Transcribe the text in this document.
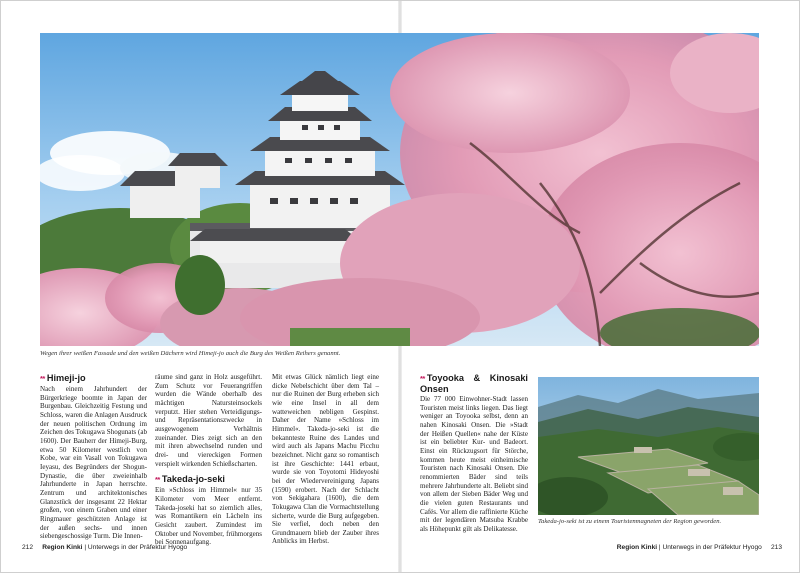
Wegen ihrer weißen Fassade und den weißen Dächern wird Himeji-jo auch die Burg des Weißen Reihers genannt.
** Himeji-jo

Nach einem Jahrhundert der Bürgerkriege boomte in Japan der Burgenbau. Gleichzeitig Festung und Schloss, waren die Anlagen Ausdruck der neuen politischen Ordnung im Zeichen des Tokugawa Shogunats (ab 1600). Der Bauherr der Himeji-Burg, etwa 50 Kilometer westlich von Kobe, war ein Vasall von Tokugawa Ieyasu, des Begründers der Shogun-Dynastie, die über zweieinhalb Jahrhunderte in Japan herrschte. Zentrum und architektonisches Glanzstück der insgesamt 22 Hektar großen, von einem Graben und einer Ringmauer geschützten Anlage ist der außen sechs- und innen siebengeschossige Turm. Die Innen-

räume sind ganz in Holz ausgeführt. Zum Schutz vor Feuerangriffen wurden die Wände oberhalb des mächtigen Natursteinsockels verputzt. Hier stehen Verteidigungs- und Repräsentationszwecke in ausgewogenem Verhältnis zueinander. Dies zeigt sich an den mit ihren abwechselnd runden und drei- und viereckigen Formen verspielt wirkenden Schießscharten.

** Takeda-jo-seki

Ein »Schloss im Himmel« nur 35 Kilometer vom Meer entfernt. Takeda-joseki hat so ziemlich alles, was Romantikern ein Lächeln ins Gesicht zaubert. Zumindest im Oktober und November, frühmorgens bei Sonnenaufgang.

Mit etwas Glück nämlich liegt eine dicke Nebelschicht über dem Tal – nur die Ruinen der Burg erheben sich wie eine Insel in all dem watteweichen nebligen Gespinst. Daher der Name »Schloss im Himmel«. Takeda-jo-seki ist die bekannteste Ruine des Landes und wird auch als Japans Machu Picchu bezeichnet. Nicht ganz so romantisch ist ihre Geschichte: 1441 erbaut, wurde sie von Toyotomi Hideyoshi bei der Wiedervereinigung Japans (1590) erobert. Nach der Schlacht von Sekigahara (1600), die dem Tokugawa Clan die Vormachtstellung sicherte, wurde die Burg aufgegeben. Sie verfiel, doch neben den Grundmauern blieb der Zauber ihres Anblicks im Herbst.

** Toyooka & Kinosaki Onsen

Die 77 000 Einwohner-Stadt lassen Touristen meist links liegen. Das liegt weniger an Toyooka selbst, denn an nahen Kinosaki Onsen. Die »Stadt der Heißen Quellen« nahe der Küste ist ein beliebter Kur- und Badeort. Einst ein Rückzugsort für Störche, kommen heute meist einheimische Touristen nach Kinosaki Onsen. Die renommierten Bäder sind teils mehrere Jahrhunderte alt. Beliebt sind von allem der Sieben Bäder Weg und die vielen guten Restaurants und Cafés. Vor allem die raffinierte Küche mit der legendären Matsuba Krabbe als Höhepunkt gilt als Delikatesse.

Takeda-jo-seki ist zu einem Touristenmagneten der Region geworden.
212 Region Kinki | Unterwegs in der Präfektur Hyogo	Region Kinki | Unterwegs in der Präfektur Hyogo 213
